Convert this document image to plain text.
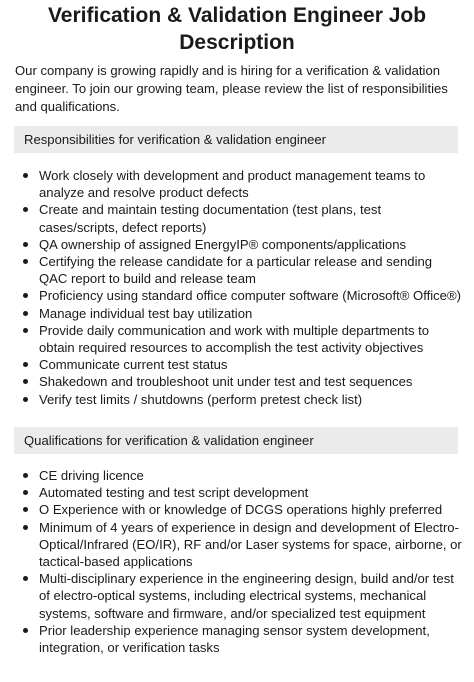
Verification & Validation Engineer Job Description

Our company is growing rapidly and is hiring for a verification & validation engineer. To join our growing team, please review the list of responsibilities and qualifications.

Responsibilities for verification & validation engineer
Work closely with development and product management teams to analyze and resolve product defects
Create and maintain testing documentation (test plans, test cases/scripts, defect reports)
QA ownership of assigned EnergyIP® components/applications
Certifying the release candidate for a particular release and sending QAC report to build and release team
Proficiency using standard office computer software (Microsoft® Office®)
Manage individual test bay utilization
Provide daily communication and work with multiple departments to obtain required resources to accomplish the test activity objectives
Communicate current test status
Shakedown and troubleshoot unit under test and test sequences
Verify test limits / shutdowns (perform pretest check list)
Qualifications for verification & validation engineer
CE driving licence
Automated testing and test script development
O Experience with or knowledge of DCGS operations highly preferred
Minimum of 4 years of experience in design and development of Electro-Optical/Infrared (EO/IR), RF and/or Laser systems for space, airborne, or tactical-based applications
Multi-disciplinary experience in the engineering design, build and/or test of electro-optical systems, including electrical systems, mechanical systems, software and firmware, and/or specialized test equipment
Prior leadership experience managing sensor system development, integration, or verification tasks
